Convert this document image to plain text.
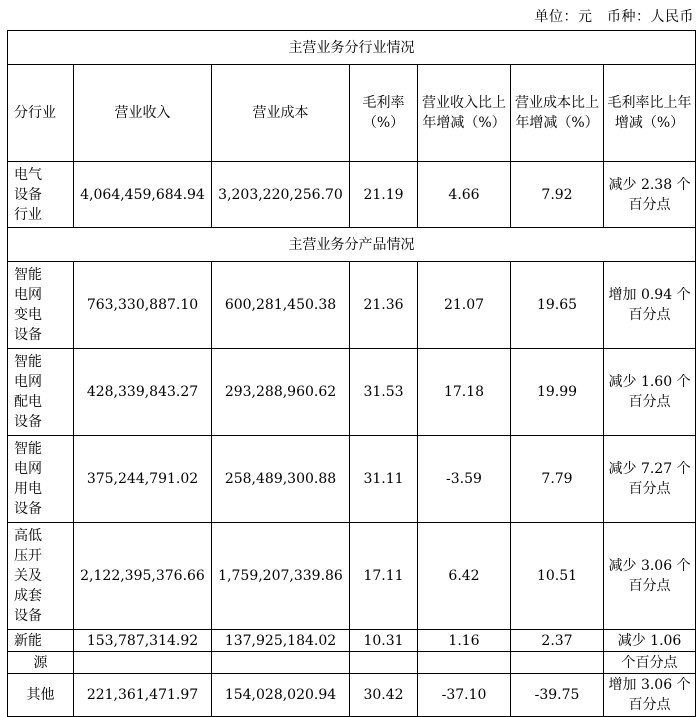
单位：元　币种：人民币
主营业务分行业情况						
分行业	营业收入	营业成本	毛利率（%）	营业收入比上年增减（%）	营业成本比上年增减（%）	毛利率比上年增减（%）
电气设备行业	4,064,459,684.94	3,203,220,256.70	21.19	4.66	7.92	减少 2.38 个百分点
主营业务分产品情况						
智能电网变电设备	763,330,887.10	600,281,450.38	21.36	21.07	19.65	增加 0.94 个百分点
智能电网配电设备	428,339,843.27	293,288,960.62	31.53	17.18	19.99	减少 1.60 个百分点
智能电网用电设备	375,244,791.02	258,489,300.88	31.11	-3.59	7.79	减少 7.27 个百分点
高低压开关及成套设备	2,122,395,376.66	1,759,207,339.86	17.11	6.42	10.51	减少 3.06 个百分点
新能	153,787,314.92	137,925,184.02	10.31	1.16	2.37	减少 1.06
源						个百分点
其他	221,361,471.97	154,028,020.94	30.42	-37.10	-39.75	增加 3.06 个百分点
